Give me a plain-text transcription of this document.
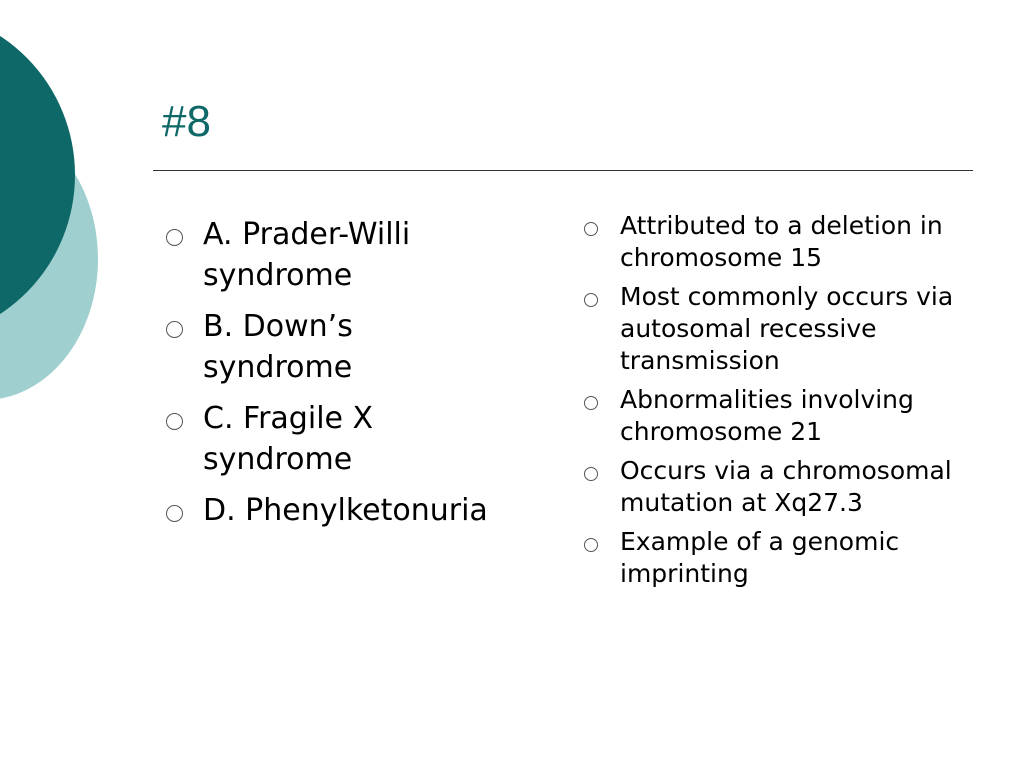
#8
A. Prader-Willi syndrome
B. Down’s syndrome
C. Fragile X syndrome
D. Phenylketonuria
Attributed to a deletion in chromosome 15
Most commonly occurs via autosomal recessive transmission
Abnormalities involving chromosome 21
Occurs via a chromosomal mutation at Xq27.3
Example of a genomic imprinting
